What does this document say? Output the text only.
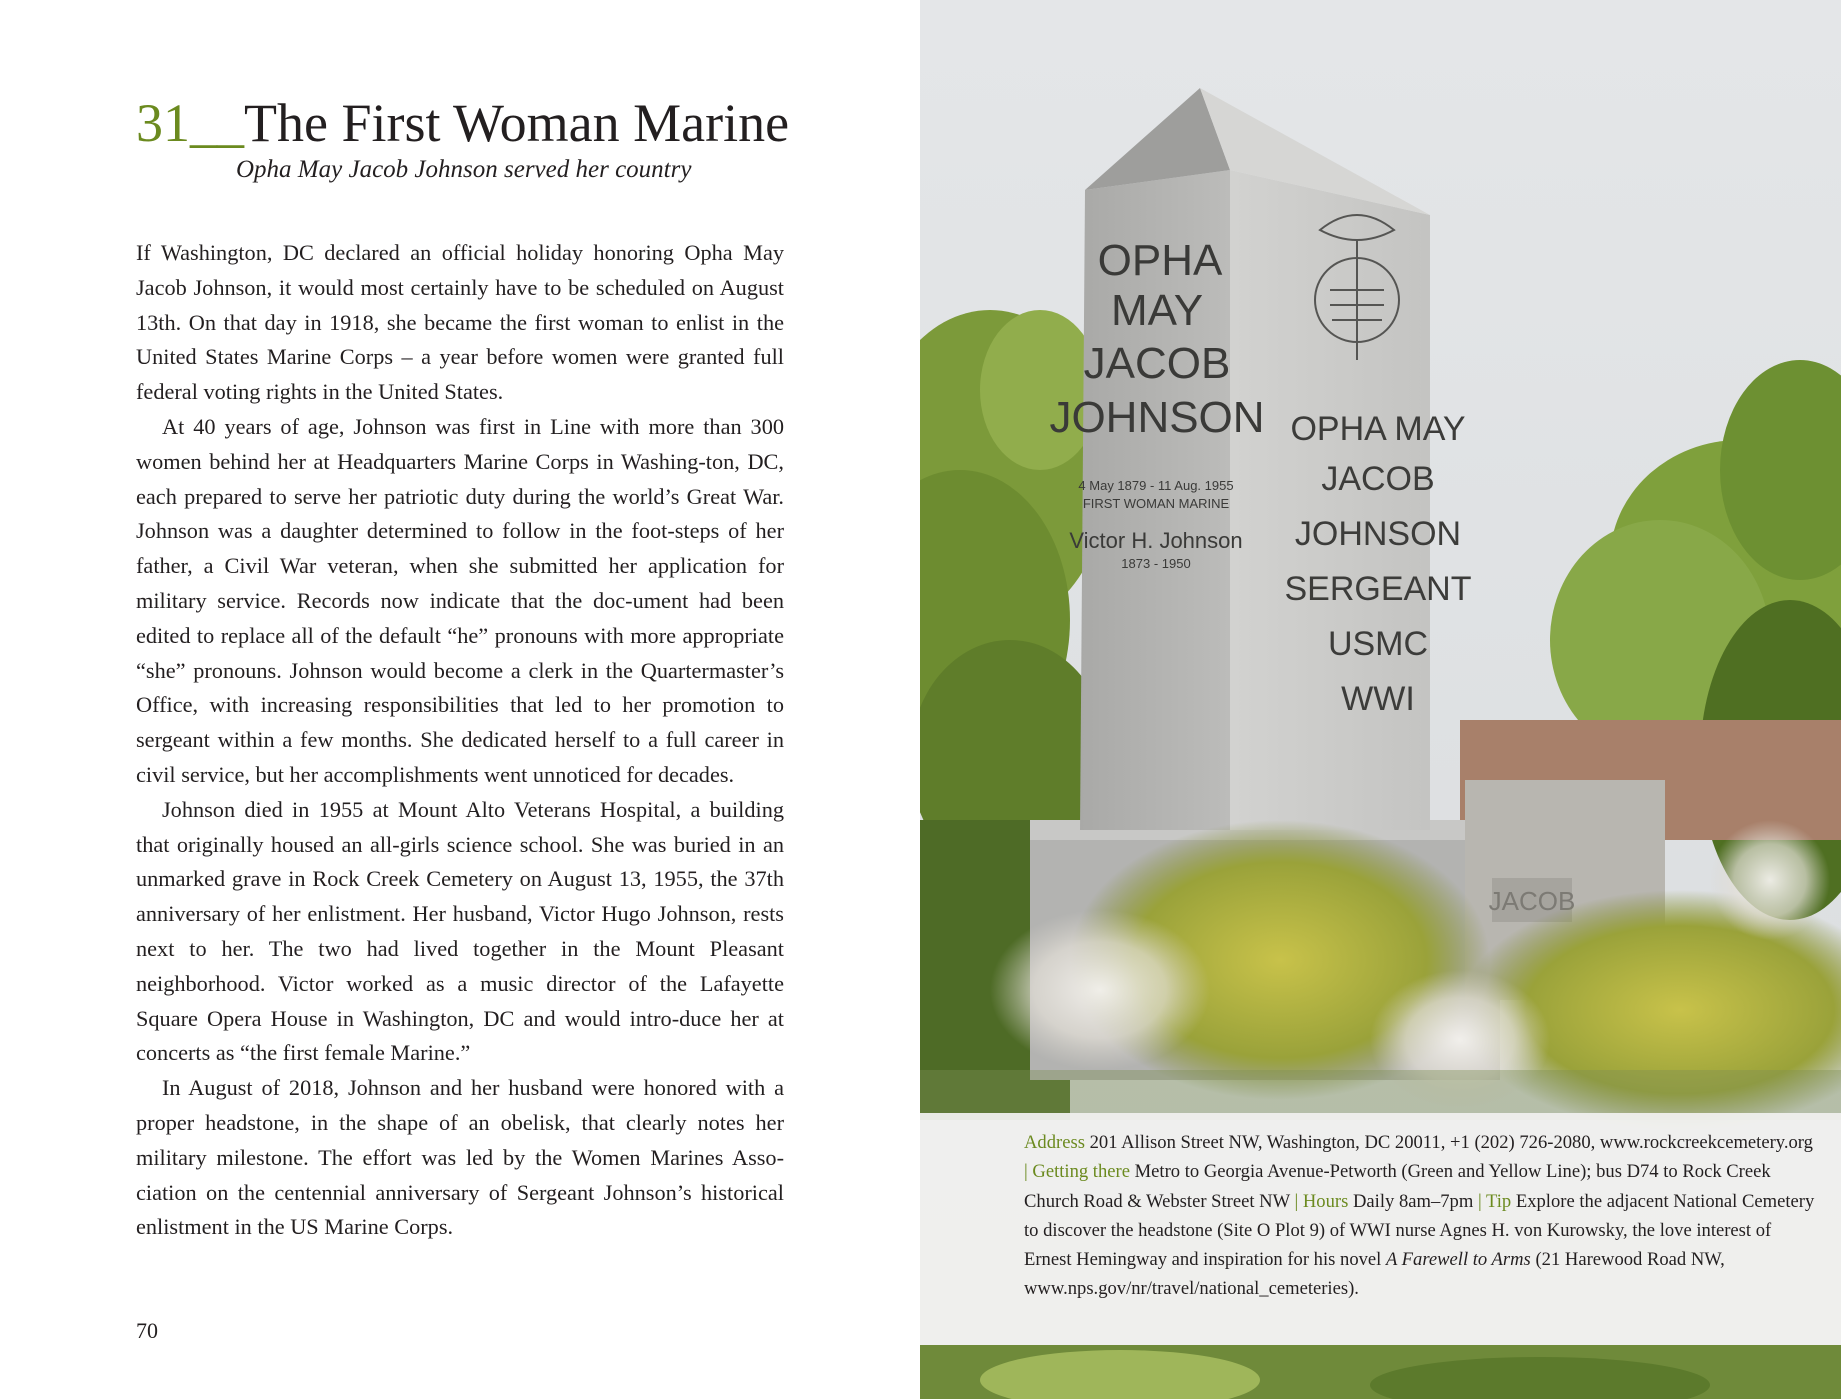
31__The First Woman Marine
Opha May Jacob Johnson served her country

If Washington, DC declared an official holiday honoring Opha May Jacob Johnson, it would most certainly have to be scheduled on August 13th. On that day in 1918, she became the first woman to enlist in the United States Marine Corps – a year before women were granted full federal voting rights in the United States.

At 40 years of age, Johnson was first in Line with more than 300 women behind her at Headquarters Marine Corps in Washing-ton, DC, each prepared to serve her patriotic duty during the world’s Great War. Johnson was a daughter determined to follow in the foot-steps of her father, a Civil War veteran, when she submitted her application for military service. Records now indicate that the doc-ument had been edited to replace all of the default “he” pronouns with more appropriate “she” pronouns. Johnson would become a clerk in the Quartermaster’s Office, with increasing responsibilities that led to her promotion to sergeant within a few months. She dedicated herself to a full career in civil service, but her accomplishments went unnoticed for decades.

Johnson died in 1955 at Mount Alto Veterans Hospital, a building that originally housed an all-girls science school. She was buried in an unmarked grave in Rock Creek Cemetery on August 13, 1955, the 37th anniversary of her enlistment. Her husband, Victor Hugo Johnson, rests next to her. The two had lived together in the Mount Pleasant neighborhood. Victor worked as a music director of the Lafayette Square Opera House in Washington, DC and would intro-duce her at concerts as “the first female Marine.”

In August of 2018, Johnson and her husband were honored with a proper headstone, in the shape of an obelisk, that clearly notes her military milestone. The effort was led by the Women Marines Asso-ciation on the centennial anniversary of Sergeant Johnson’s historical enlistment in the US Marine Corps.

70
JACOB
OPHA
MAY
JACOB
JOHNSON
4 May 1879 - 11 Aug. 1955
FIRST WOMAN MARINE
Victor H. Johnson
1873 - 1950
OPHA MAY
JACOB
JOHNSON
SERGEANT
USMC
WWI
Address 201 Allison Street NW, Washington, DC 20011, +1 (202) 726-2080, www.rockcreekcemetery.org | Getting there Metro to Georgia Avenue-Petworth (Green and Yellow Line); bus D74 to Rock Creek Church Road & Webster Street NW | Hours Daily 8am–7pm | Tip Explore the adjacent National Cemetery to discover the headstone (Site O Plot 9) of WWI nurse Agnes H. von Kurowsky, the love interest of Ernest Hemingway and inspiration for his novel A Farewell to Arms (21 Harewood Road NW, www.nps.gov/nr/travel/national_cemeteries).
